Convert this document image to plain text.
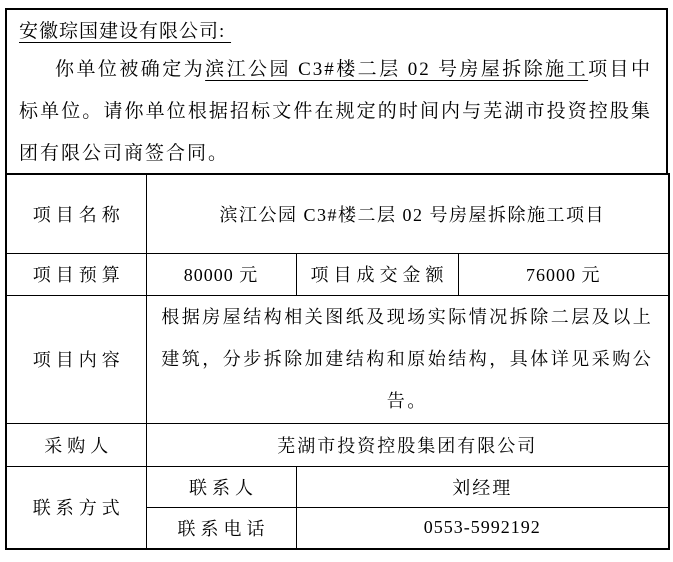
安徽琮国建设有限公司:
你单位被确定为滨江公园 C3#楼二层 02 号房屋拆除施工项目中标单位。请你单位根据招标文件在规定的时间内与芜湖市投资控股集团有限公司商签合同。
项目名称	滨江公园 C3#楼二层 02 号房屋拆除施工项目		
项目预算	80000 元	项目成交金额	76000 元
项目内容	根据房屋结构相关图纸及现场实际情况拆除二层及以上建筑，分步拆除加建结构和原始结构，具体详见采购公告。		
采购人	芜湖市投资控股集团有限公司		
联系方式	联系人	刘经理	
	联系电话	0553-5992192	
